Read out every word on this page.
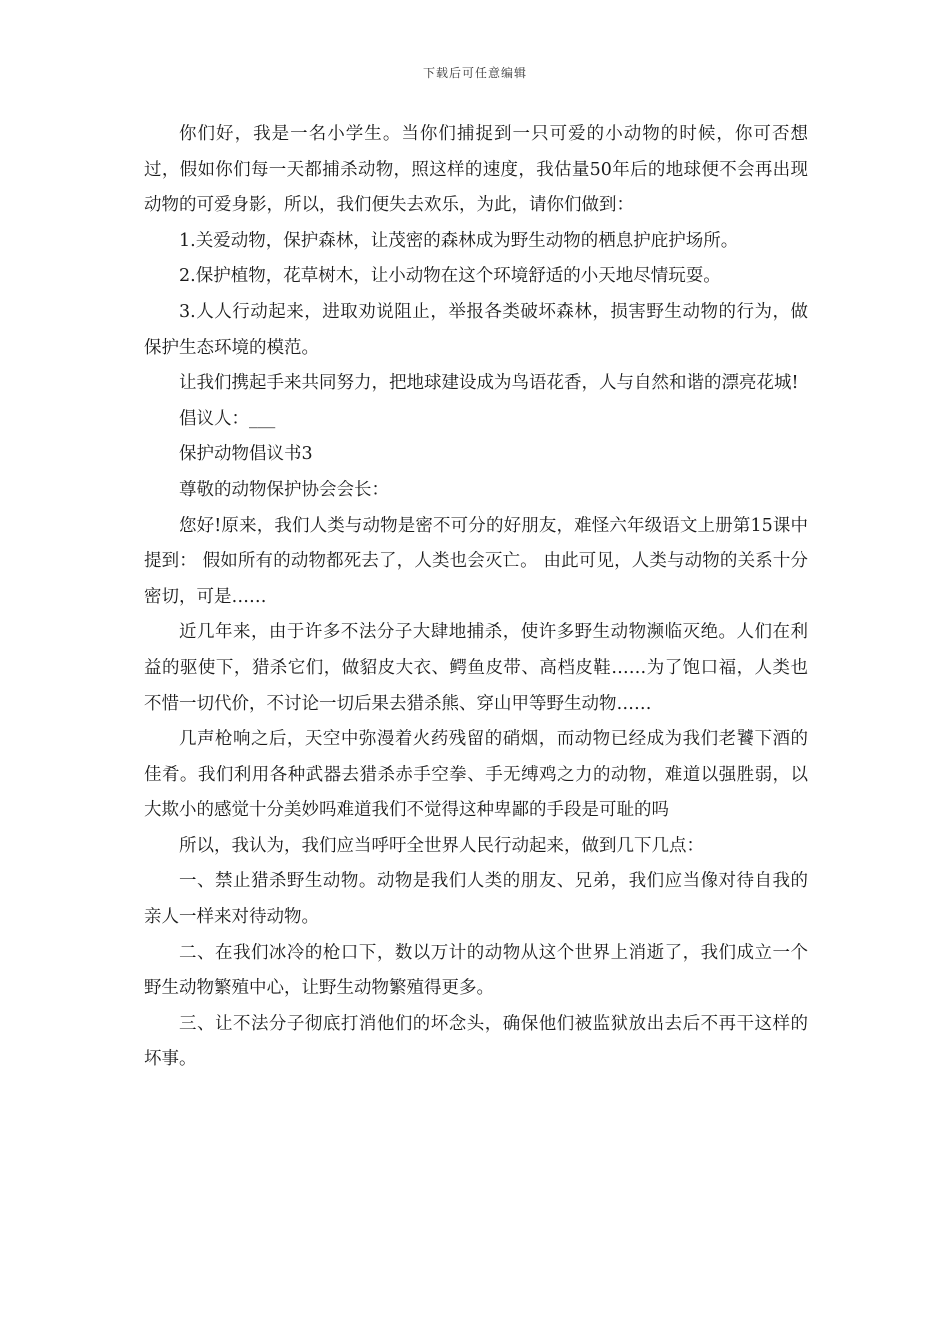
下载后可任意编辑

你们好，我是一名小学生。当你们捕捉到一只可爱的小动物的时候，你可否想过，假如你们每一天都捕杀动物，照这样的速度，我估量50年后的地球便不会再出现动物的可爱身影，所以，我们便失去欢乐，为此，请你们做到：

1.关爱动物，保护森林，让茂密的森林成为野生动物的栖息护庇护场所。

2.保护植物，花草树木，让小动物在这个环境舒适的小天地尽情玩耍。

3.人人行动起来，进取劝说阻止，举报各类破坏森林，损害野生动物的行为，做保护生态环境的模范。

让我们携起手来共同努力，把地球建设成为鸟语花香，人与自然和谐的漂亮花城!

倡议人：___

保护动物倡议书3

尊敬的动物保护协会会长：

您好!原来，我们人类与动物是密不可分的好朋友，难怪六年级语文上册第15课中提到： 假如所有的动物都死去了，人类也会灭亡。 由此可见，人类与动物的关系十分密切，可是……

近几年来，由于许多不法分子大肆地捕杀，使许多野生动物濒临灭绝。人们在利益的驱使下，猎杀它们，做貂皮大衣、鳄鱼皮带、高档皮鞋……为了饱口福，人类也不惜一切代价，不讨论一切后果去猎杀熊、穿山甲等野生动物……

几声枪响之后，天空中弥漫着火药残留的硝烟，而动物已经成为我们老饕下酒的佳肴。我们利用各种武器去猎杀赤手空拳、手无缚鸡之力的动物，难道以强胜弱，以大欺小的感觉十分美妙吗难道我们不觉得这种卑鄙的手段是可耻的吗

所以，我认为，我们应当呼吁全世界人民行动起来，做到几下几点：

一、禁止猎杀野生动物。动物是我们人类的朋友、兄弟，我们应当像对待自我的亲人一样来对待动物。

二、在我们冰冷的枪口下，数以万计的动物从这个世界上消逝了，我们成立一个野生动物繁殖中心，让野生动物繁殖得更多。

三、让不法分子彻底打消他们的坏念头，确保他们被监狱放出去后不再干这样的坏事。
